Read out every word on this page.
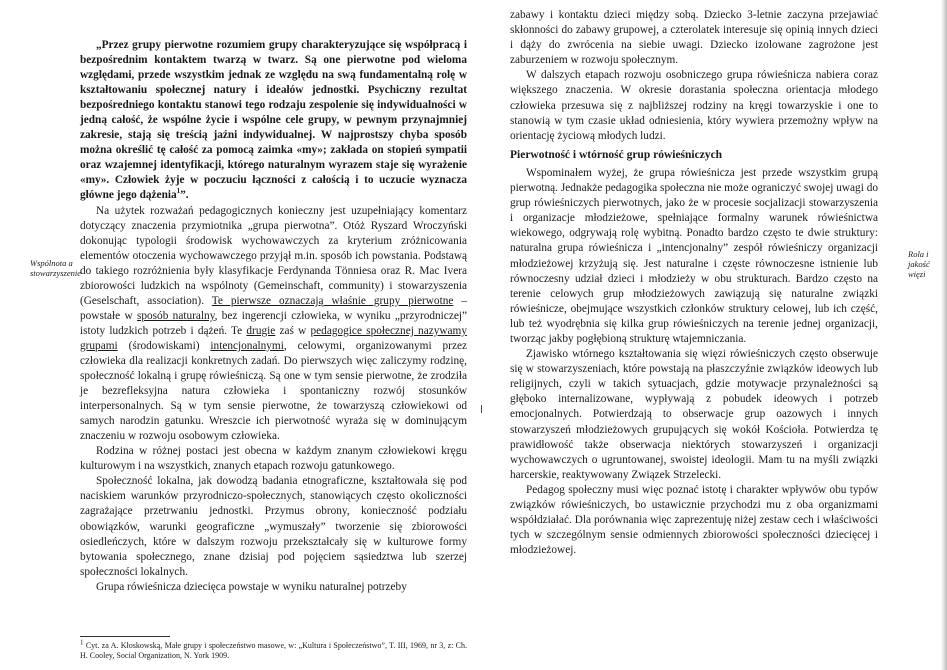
Wspólnota a stowarzyszenie

„Przez grupy pierwotne rozumiem grupy charakteryzujące się współpracą i bezpośrednim kontaktem twarzą w twarz. Są one pierwotne pod wieloma względami, przede wszystkim jednak ze względu na swą fundamentalną rolę w kształtowaniu społecznej natury i ideałów jednostki. Psychiczny rezultat bezpośredniego kontaktu stanowi tego rodzaju zespolenie się indywidualności w jedną całość, że wspólne życie i wspólne cele grupy, w pewnym przynajmniej zakresie, stają się treścią jaźni indywidualnej. W najprostszy chyba sposób można określić tę całość za pomocą zaimka «my»; zakłada on stopień sympatii oraz wzajemnej identyfikacji, którego naturalnym wyrazem staje się wyrażenie «my». Człowiek żyje w poczuciu łączności z całością i to uczucie wyznacza główne jego dążenia$^1$”.

Na użytek rozważań pedagogicznych konieczny jest uzupełniający komentarz dotyczący znaczenia przymiotnika „grupa pierwotna”. Otóż Ryszard Wroczyński dokonując typologii środowisk wychowawczych za kryterium zróżnicowania elementów otoczenia wychowawczego przyjął m.in. sposób ich powstania. Podstawą do takiego rozróżnienia były klasyfikacje Ferdynanda Tönniesa oraz R. Mac Ivera zbiorowości ludzkich na wspólnoty (Gemeinschaft, community) i stowarzyszenia (Geselschaft, association). Te pierwsze oznaczają właśnie grupy pierwotne – powstałe w sposób naturalny, bez ingerencji człowieka, w wyniku „przyrodniczej” istoty ludzkich potrzeb i dążeń. Te drugie zaś w pedagogice społecznej nazywamy grupami (środowiskami) intencjonalnymi, celowymi, organizowanymi przez człowieka dla realizacji konkretnych zadań. Do pierwszych więc zaliczymy rodzinę, społeczność lokalną i grupę rówieśniczą. Są one w tym sensie pierwotne, że zrodziła je bezrefleksyjna natura człowieka i spontaniczny rozwój stosunków interpersonalnych. Są w tym sensie pierwotne, że towarzyszą człowiekowi od samych narodzin gatunku. Wreszcie ich pierwotność wyraża się w dominującym znaczeniu w rozwoju osobowym człowieka.

Rodzina w różnej postaci jest obecna w każdym znanym człowiekowi kręgu kulturowym i na wszystkich, znanych etapach rozwoju gatunkowego.

Społeczność lokalna, jak dowodzą badania etnograficzne, kształtowała się pod naciskiem warunków przyrodniczo-społecznych, stanowiących często okoliczności zagrażające przetrwaniu jednostki. Przymus obrony, konieczność podziału obowiązków, warunki geograficzne „wymuszały” tworzenie się zbiorowości osiedleńczych, które w dalszym rozwoju przekształcały się w kulturowe formy bytowania społecznego, znane dzisiaj pod pojęciem sąsiedztwa lub szerzej społeczności lokalnych.

Grupa rówieśnicza dziecięca powstaje w wyniku naturalnej potrzeby

$^1$ Cyt. za A. Kłoskowską, Małe grupy i społeczeństwo masowe, w: „Kultura i Społeczeństwo”, T. III, 1969, nr 3, z: Ch. H. Cooley, Social Organization, N. York 1909.

zabawy i kontaktu dzieci między sobą. Dziecko 3-letnie zaczyna przejawiać skłonności do zabawy grupowej, a czterolatek interesuje się opinią innych dzieci i dąży do zwrócenia na siebie uwagi. Dziecko izolowane zagrożone jest zaburzeniem w rozwoju społecznym.

W dalszych etapach rozwoju osobniczego grupa rówieśnicza nabiera coraz większego znaczenia. W okresie dorastania społeczna orientacja młodego człowieka przesuwa się z najbliższej rodziny na kręgi towarzyskie i one to stanowią w tym czasie układ odniesienia, który wywiera przemożny wpływ na orientację życiową młodych ludzi.

Pierwotność i wtórność grup rówieśniczych

Wspominałem wyżej, że grupa rówieśnicza jest przede wszystkim grupą pierwotną. Jednakże pedagogika społeczna nie może ograniczyć swojej uwagi do grup rówieśniczych pierwotnych, jako że w procesie socjalizacji stowarzyszenia i organizacje młodzieżowe, spełniające formalny warunek rówieśnictwa wiekowego, odgrywają rolę wybitną. Ponadto bardzo często te dwie struktury: naturalna grupa rówieśnicza i „intencjonalny” zespół rówieśniczy organizacji młodzieżowej krzyżują się. Jest naturalne i częste równoczesne istnienie lub równoczesny udział dzieci i młodzieży w obu strukturach. Bardzo często na terenie celowych grup młodzieżowych zawiązują się naturalne związki rówieśnicze, obejmujące wszystkich członków struktury celowej, lub ich część, lub też wyodrębnia się kilka grup rówieśniczych na terenie jednej organizacji, tworząc jakby pogłębioną strukturę wtajemniczania.

Zjawisko wtórnego kształtowania się więzi rówieśniczych często obserwuje się w stowarzyszeniach, które powstają na płaszczyźnie związków ideowych lub religijnych, czyli w takich sytuacjach, gdzie motywacje przynależności są głęboko internalizowane, wypływają z pobudek ideowych i potrzeb emocjonalnych. Potwierdzają to obserwacje grup oazowych i innych stowarzyszeń młodzieżowych grupujących się wokół Kościoła. Potwierdza tę prawidłowość także obserwacja niektórych stowarzyszeń i organizacji wychowawczych o ugruntowanej, swoistej ideologii. Mam tu na myśli związki harcerskie, reaktywowany Związek Strzelecki.

Pedagog społeczny musi więc poznać istotę i charakter wpływów obu typów związków rówieśniczych, bo ustawicznie przychodzi mu z oba organizmami współdziałać. Dla porównania więc zaprezentuję niżej zestaw cech i właściwości tych w szczególnym sensie odmiennych zbiorowości społeczności dziecięcej i młodzieżowej.

Rola i jakość więzi
